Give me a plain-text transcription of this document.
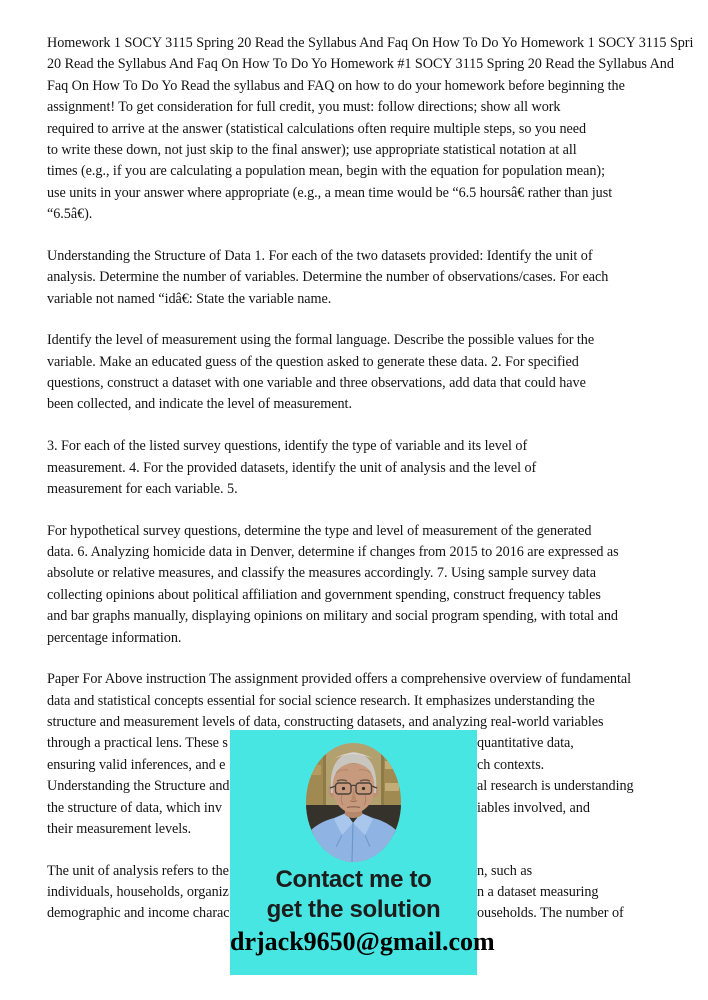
Homework 1 SOCY 3115 Spring 20 Read the Syllabus And Faq On How To Do Yo Homework 1 SOCY 3115 Spri
20 Read the Syllabus And Faq On How To Do Yo Homework #1 SOCY 3115 Spring 20 Read the Syllabus And
Faq On How To Do Yo Read the syllabus and FAQ on how to do your homework before beginning the
assignment! To get consideration for full credit, you must: follow directions; show all work
required to arrive at the answer (statistical calculations often require multiple steps, so you need
to write these down, not just skip to the final answer); use appropriate statistical notation at all
times (e.g., if you are calculating a population mean, begin with the equation for population mean);
use units in your answer where appropriate (e.g., a mean time would be “6.5 hoursâ€ rather than just
“6.5â€).
Understanding the Structure of Data 1. For each of the two datasets provided: Identify the unit of
analysis. Determine the number of variables. Determine the number of observations/cases. For each
variable not named “idâ€: State the variable name.
Identify the level of measurement using the formal language. Describe the possible values for the
variable. Make an educated guess of the question asked to generate these data. 2. For specified
questions, construct a dataset with one variable and three observations, add data that could have
been collected, and indicate the level of measurement.
3. For each of the listed survey questions, identify the type of variable and its level of
measurement. 4. For the provided datasets, identify the unit of analysis and the level of
measurement for each variable. 5.
For hypothetical survey questions, determine the type and level of measurement of the generated
data. 6. Analyzing homicide data in Denver, determine if changes from 2015 to 2016 are expressed as
absolute or relative measures, and classify the measures accordingly. 7. Using sample survey data
collecting opinions about political affiliation and government spending, construct frequency tables
and bar graphs manually, displaying opinions on military and social program spending, with total and
percentage information.
Paper For Above instruction The assignment provided offers a comprehensive overview of fundamental
data and statistical concepts essential for social science research. It emphasizes understanding the
structure and measurement levels of data, constructing datasets, and analyzing real-world variables
through a practical lens. These s	quantitative data,
ensuring valid inferences, and e	ch contexts.
Understanding the Structure and	al research is understanding
the structure of data, which inv	iables involved, and
their measurement levels.
The unit of analysis refers to the	n, such as
individuals, households, organiz	n a dataset measuring
demographic and income charac	ouseholds. The number of
Contact me to
get the solution
drjack9650@gmail.com
